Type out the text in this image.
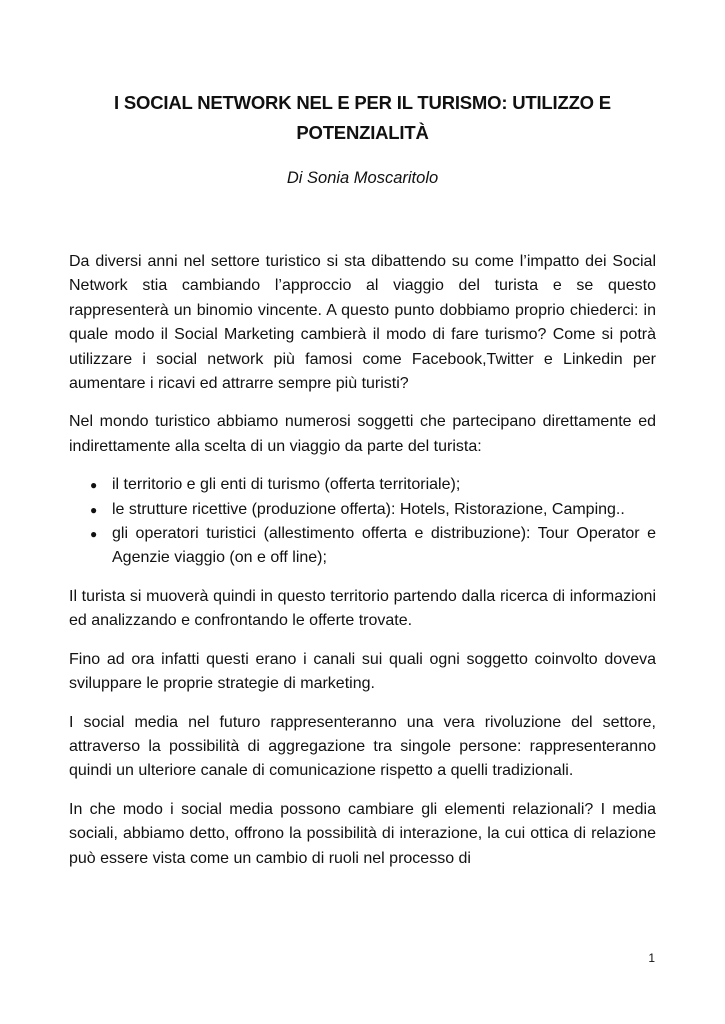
I SOCIAL NETWORK NEL E PER IL TURISMO: UTILIZZO E
POTENZIALITÀ
Di Sonia Moscaritolo

Da diversi anni nel settore turistico si sta dibattendo su come l’impatto dei Social Network stia cambiando l’approccio al viaggio del turista e se questo rappresenterà un binomio vincente. A questo punto dobbiamo proprio chiederci: in quale modo il Social Marketing cambierà il modo di fare turismo? Come si potrà utilizzare i social network più famosi come Facebook,Twitter e Linkedin per aumentare i ricavi ed attrarre sempre più turisti?

Nel mondo turistico abbiamo numerosi soggetti che partecipano direttamente ed indirettamente alla scelta di un viaggio da parte del turista:

● il territorio e gli enti di turismo (offerta territoriale);
● le strutture ricettive (produzione offerta): Hotels, Ristorazione, Camping..
● gli operatori turistici (allestimento offerta e distribuzione): Tour Operator e Agenzie viaggio (on e off line);

Il turista si muoverà quindi in questo territorio partendo dalla ricerca di informazioni ed analizzando e confrontando le offerte trovate.

Fino ad ora infatti questi erano i canali sui quali ogni soggetto coinvolto doveva sviluppare le proprie strategie di marketing.

I social media nel futuro rappresenteranno una vera rivoluzione del settore, attraverso la possibilità di aggregazione tra singole persone: rappresenteranno quindi un ulteriore canale di comunicazione rispetto a quelli tradizionali.

In che modo i social media possono cambiare gli elementi relazionali? I media sociali, abbiamo detto, offrono la possibilità di interazione, la cui ottica di relazione può essere vista come un cambio di ruoli nel processo di

1
